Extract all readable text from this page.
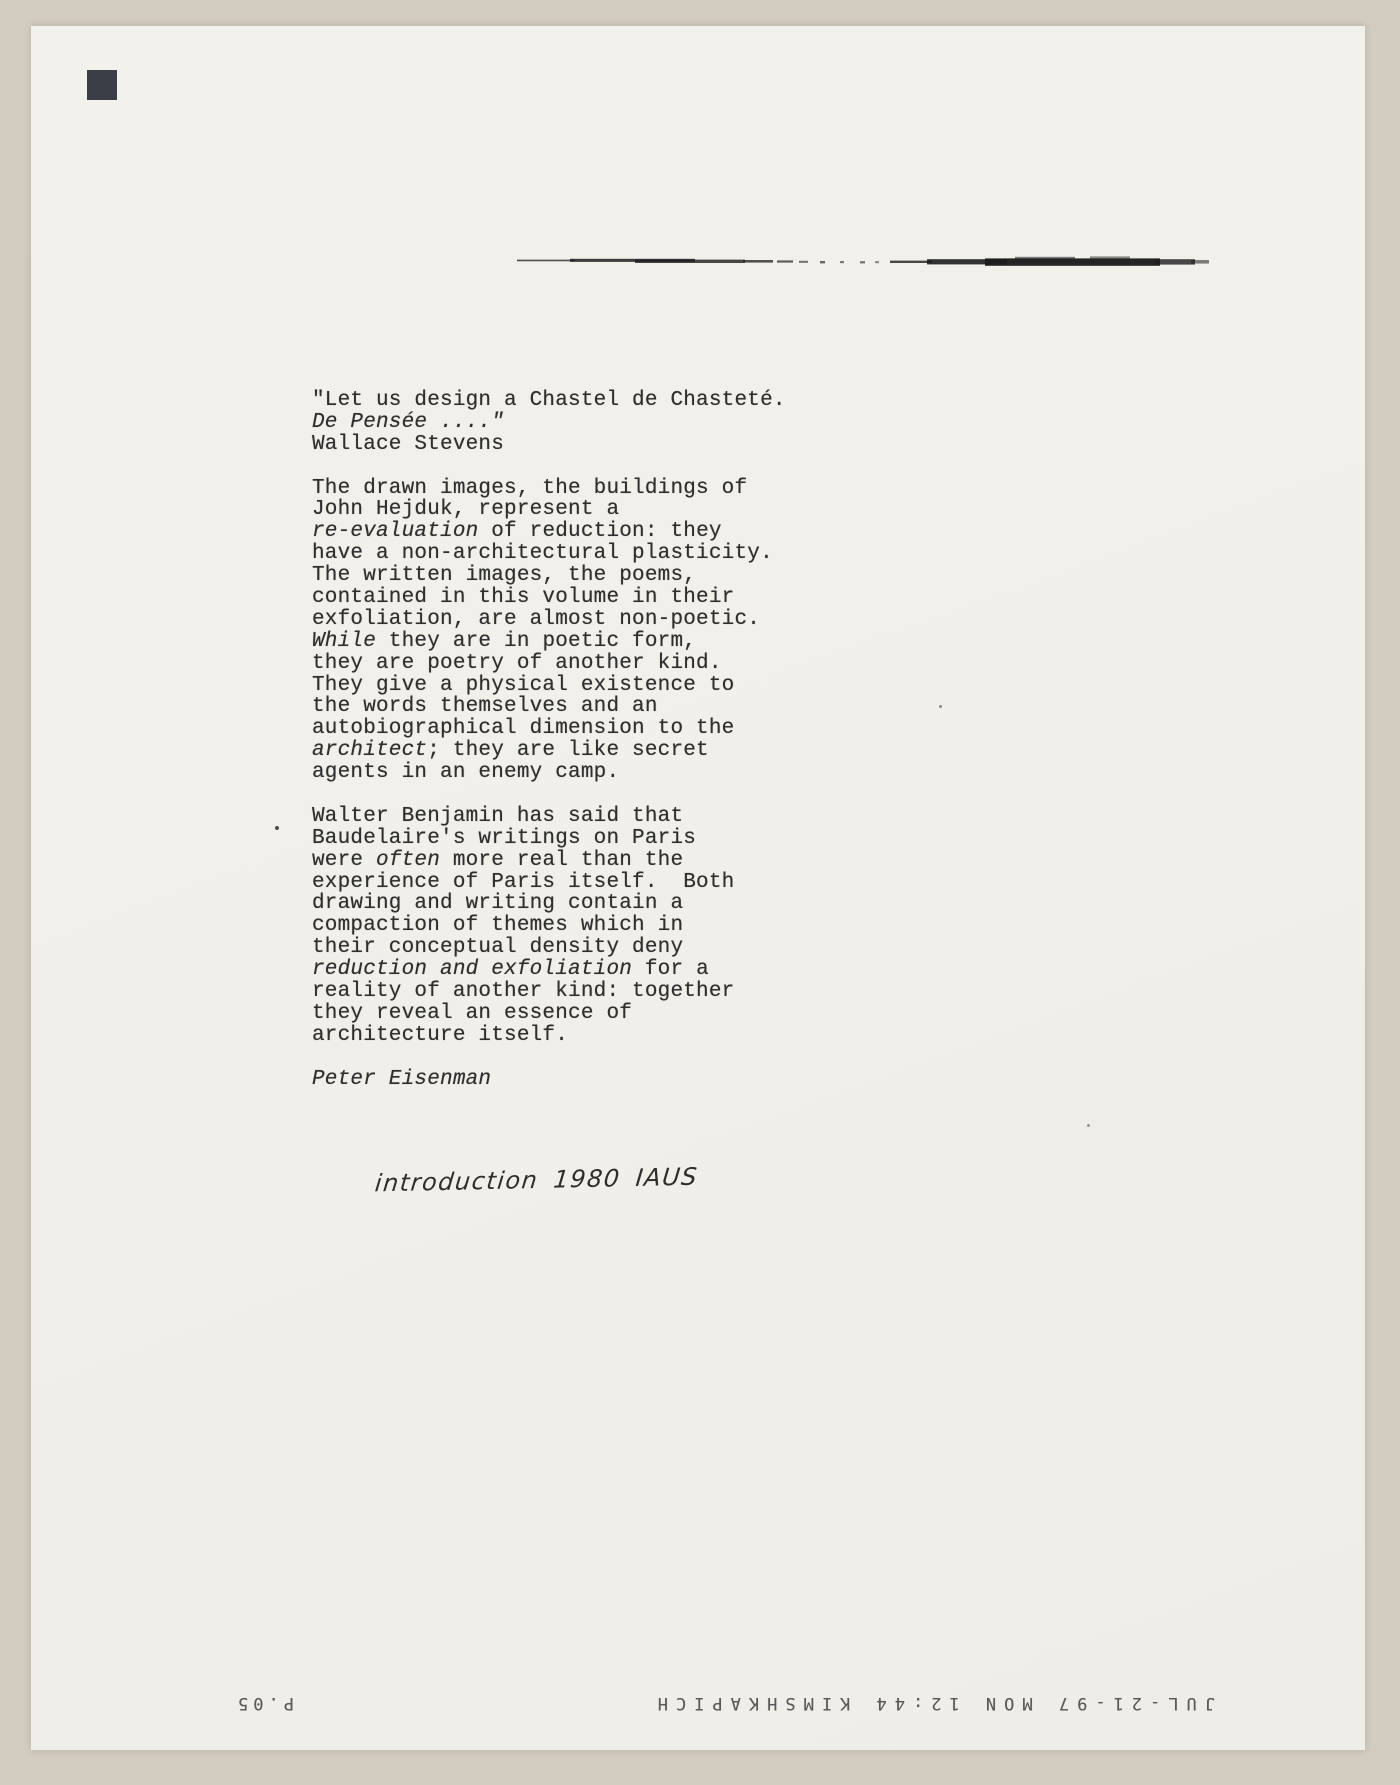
"Let us design a Chastel de Chasteté.
De Pensée ...."
Wallace Stevens
The drawn images, the buildings of
John Hejduk, represent a
re-evaluation of reduction: they
have a non-architectural plasticity.
The written images, the poems,
contained in this volume in their
exfoliation, are almost non-poetic.
While they are in poetic form,
they are poetry of another kind.
They give a physical existence to
the words themselves and an
autobiographical dimension to the
architect; they are like secret
agents in an enemy camp.
Walter Benjamin has said that
Baudelaire's writings on Paris
were often more real than the
experience of Paris itself.  Both
drawing and writing contain a
compaction of themes which in
their conceptual density deny
reduction and exfoliation for a
reality of another kind: together
they reveal an essence of
architecture itself.
Peter Eisenman
introduction 1980 IAUS
P.05	JUL-21-97 MON 12:44 KIMSHKAPICH
